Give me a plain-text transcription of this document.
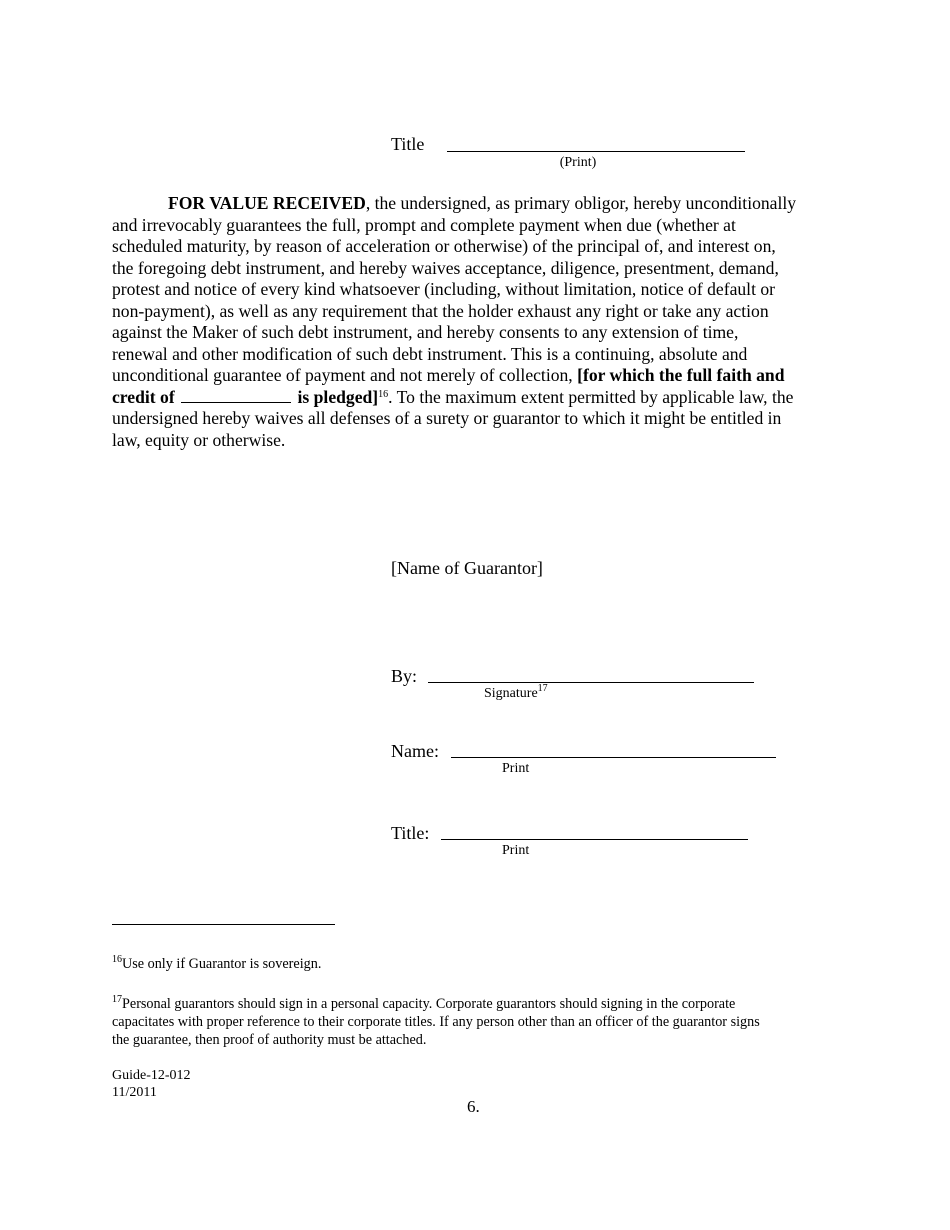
Title
(Print)
FOR VALUE RECEIVED, the undersigned, as primary obligor, hereby unconditionally
and irrevocably guarantees the full, prompt and complete payment when due (whether at
scheduled maturity, by reason of acceleration or otherwise) of the principal of, and interest on,
the foregoing debt instrument, and hereby waives acceptance, diligence, presentment, demand,
protest and notice of every kind whatsoever (including, without limitation, notice of default or
non-payment), as well as any requirement that the holder exhaust any right or take any action
against the Maker of such debt instrument, and hereby consents to any extension of time,
renewal and other modification of such debt instrument. This is a continuing, absolute and
unconditional guarantee of payment and not merely of collection, [for which the full faith and
credit of	is pledged]$^{16}$. To the maximum extent permitted by applicable law, the
undersigned hereby waives all defenses of a surety or guarantor to which it might be entitled in
law, equity or otherwise.
[Name of Guarantor]
By:
Signature$^{17}$
Name:
Print
Title:
Print
$^{16}$Use only if Guarantor is sovereign.
$^{17}$Personal guarantors should sign in a personal capacity. Corporate guarantors should signing in the corporate
capacitates with proper reference to their corporate titles. If any person other than an officer of the guarantor signs
the guarantee, then proof of authority must be attached.
Guide-12-012
11/2011
6.
